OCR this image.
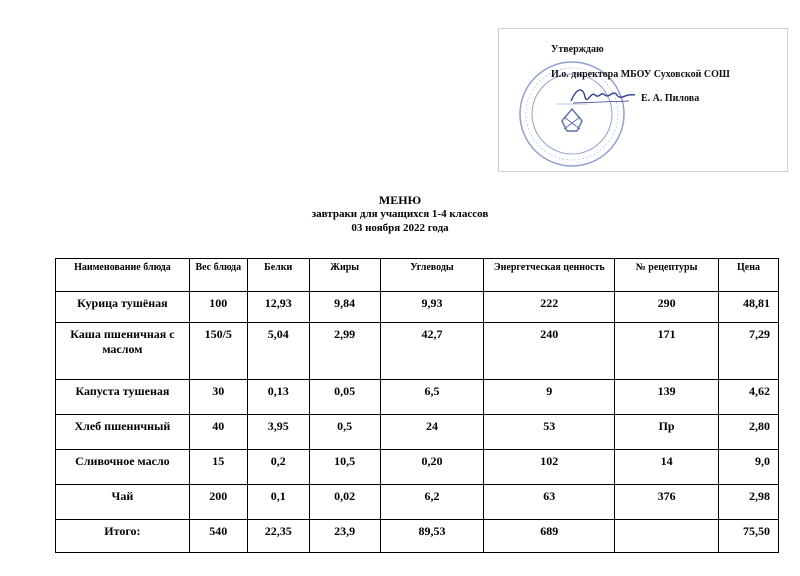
Утверждаю
И.о. директора МБОУ Суховской СОШ
Е. А. Пилова
МЕНЮ
завтраки для учащихся 1-4 классов
03 ноября 2022 года
Наименование блюда	Вес блюда	Белки	Жиры	Углеводы	Энергетческая ценность	№ рецептуры	Цена
Курица тушёная	100	12,93	9,84	9,93	222	290	48,81
Каша пшеничная с маслом	150/5	5,04	2,99	42,7	240	171	7,29
Капуста тушеная	30	0,13	0,05	6,5	9	139	4,62
Хлеб пшеничный	40	3,95	0,5	24	53	Пр	2,80
Сливочное масло	15	0,2	10,5	0,20	102	14	9,0
Чай	200	0,1	0,02	6,2	63	376	2,98
Итого:	540	22,35	23,9	89,53	689		75,50
